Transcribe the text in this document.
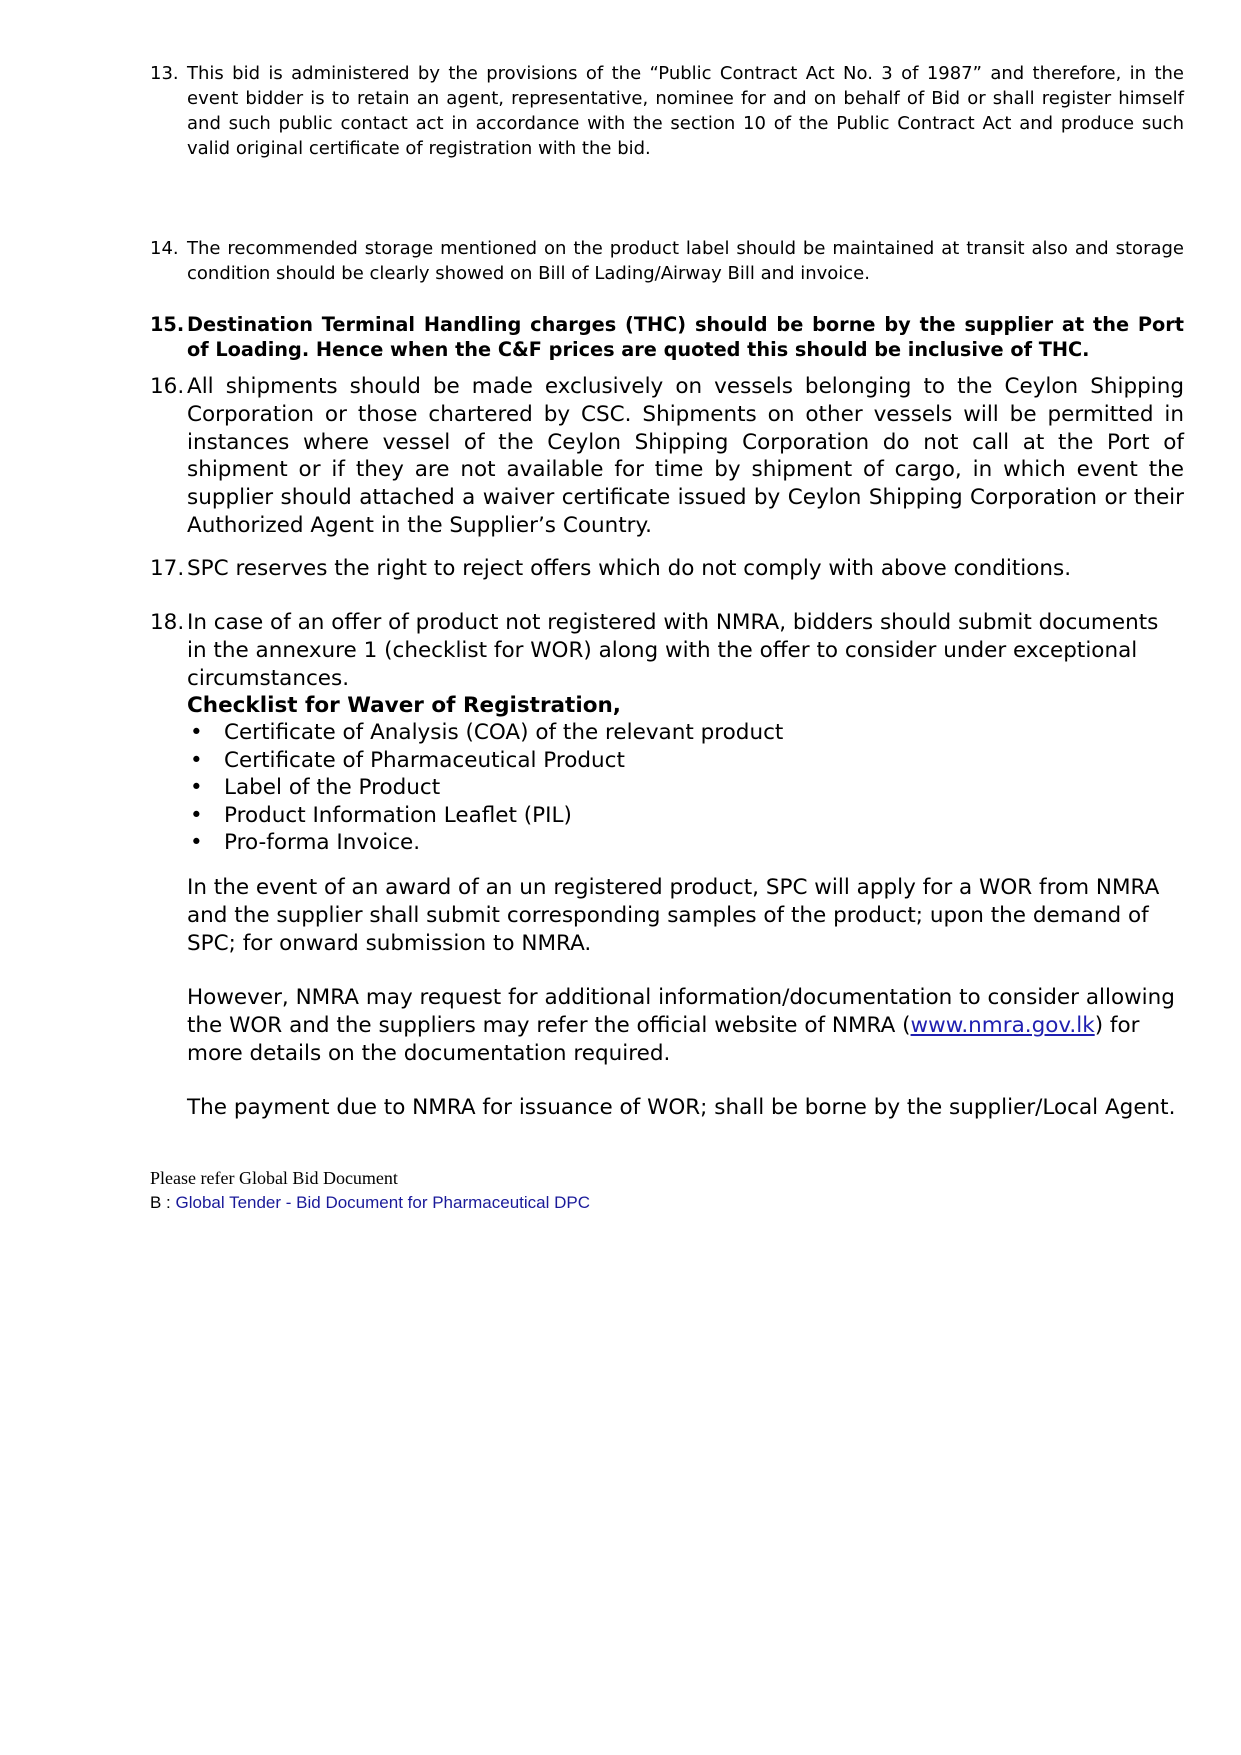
13. This bid is administered by the provisions of the “Public Contract Act No. 3 of 1987” and therefore, in the event bidder is to retain an agent, representative, nominee for and on behalf of Bid or shall register himself and such public contact act in accordance with the section 10 of the Public Contract Act and produce such valid original certificate of registration with the bid.
14. The recommended storage mentioned on the product label should be maintained at transit also and storage condition should be clearly showed on Bill of Lading/Airway Bill and invoice.
15. Destination Terminal Handling charges (THC) should be borne by the supplier at the Port of Loading. Hence when the C&F prices are quoted this should be inclusive of THC.
16. All shipments should be made exclusively on vessels belonging to the Ceylon Shipping Corporation or those chartered by CSC. Shipments on other vessels will be permitted in instances where vessel of the Ceylon Shipping Corporation do not call at the Port of shipment or if they are not available for time by shipment of cargo, in which event the supplier should attached a waiver certificate issued by Ceylon Shipping Corporation or their Authorized Agent in the Supplier’s Country.
17. SPC reserves the right to reject offers which do not comply with above conditions.
18. In case of an offer of product not registered with NMRA, bidders should submit documents in the annexure 1 (checklist for WOR) along with the offer to consider under exceptional circumstances.
Checklist for Waver of Registration,
• Certificate of Analysis (COA) of the relevant product
• Certificate of Pharmaceutical Product
• Label of the Product
• Product Information Leaflet (PIL)
• Pro-forma Invoice.
In the event of an award of an un registered product, SPC will apply for a WOR from NMRA and the supplier shall submit corresponding samples of the product; upon the demand of SPC; for onward submission to NMRA.
However, NMRA may request for additional information/documentation to consider allowing the WOR and the suppliers may refer the official website of NMRA (www.nmra.gov.lk) for more details on the documentation required.
The payment due to NMRA for issuance of WOR; shall be borne by the supplier/Local Agent.
Please refer Global Bid Document
B : Global Tender - Bid Document for Pharmaceutical DPC
